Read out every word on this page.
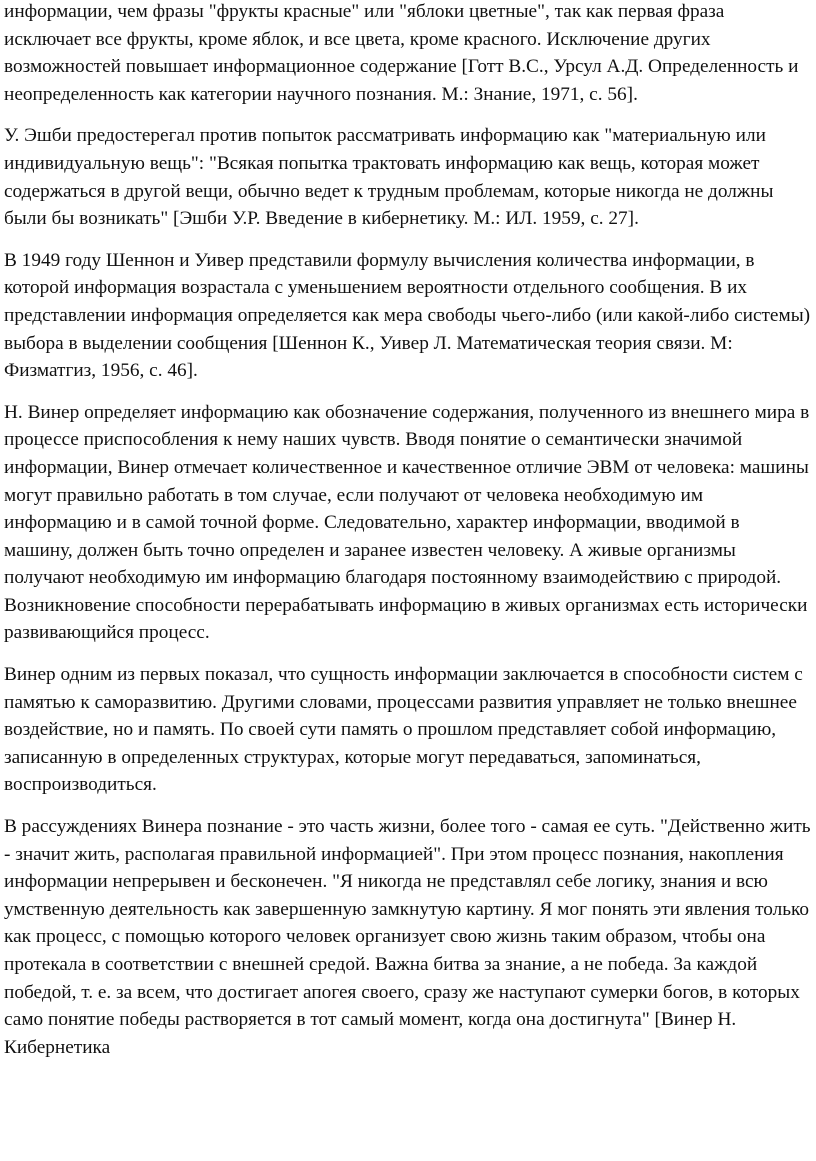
информации, чем фразы "фрукты красные" или "яблоки цветные", так как первая фраза исключает все фрукты, кроме яблок, и все цвета, кроме красного. Исключение других возможностей повышает информационное содержание [Готт В.С., Урсул А.Д. Определенность и неопределенность как категории научного познания. М.: Знание, 1971, с. 56].

У. Эшби предостерегал против попыток рассматривать информацию как "материальную или индивидуальную вещь": "Всякая попытка трактовать информацию как вещь, которая может содержаться в другой вещи, обычно ведет к трудным проблемам, которые никогда не должны были бы возникать" [Эшби У.Р. Введение в кибернетику. М.: ИЛ. 1959, с. 27].

В 1949 году Шеннон и Уивер представили формулу вычисления количества информации, в которой информация возрастала с уменьшением вероятности отдельного сообщения. В их представлении информация определяется как мера свободы чьего-либо (или какой-либо системы) выбора в выделении сообщения [Шеннон К., Уивер Л. Математическая теория связи. М: Физматгиз, 1956, с. 46].

Н. Винер определяет информацию как обозначение содержания, полученного из внешнего мира в процессе приспособления к нему наших чувств. Вводя понятие о семантически значимой информации, Винер отмечает количественное и качественное отличие ЭВМ от человека: машины могут правильно работать в том случае, если получают от человека необходимую им информацию и в самой точной форме. Следовательно, характер информации, вводимой в машину, должен быть точно определен и заранее известен человеку. А живые организмы получают необходимую им информацию благодаря постоянному взаимодействию с природой. Возникновение способности перерабатывать информацию в живых организмах есть исторически развивающийся процесс.

Винер одним из первых показал, что сущность информации заключается в способности систем с памятью к саморазвитию. Другими словами, процессами развития управляет не только внешнее воздействие, но и память. По своей сути память о прошлом представляет собой информацию, записанную в определенных структурах, которые могут передаваться, запоминаться, воспроизводиться.

В рассуждениях Винера познание - это часть жизни, более того - самая ее суть. "Действенно жить - значит жить, располагая правильной информацией". При этом процесс познания, накопления информации непрерывен и бесконечен. "Я никогда не представлял себе логику, знания и всю умственную деятельность как завершенную замкнутую картину. Я мог понять эти явления только как процесс, с помощью которого человек организует свою жизнь таким образом, чтобы она протекала в соответствии с внешней средой. Важна битва за знание, а не победа. За каждой победой, т. е. за всем, что достигает апогея своего, сразу же наступают сумерки богов, в которых само понятие победы растворяется в тот самый момент, когда она достигнута" [Винер Н. Кибернетика
